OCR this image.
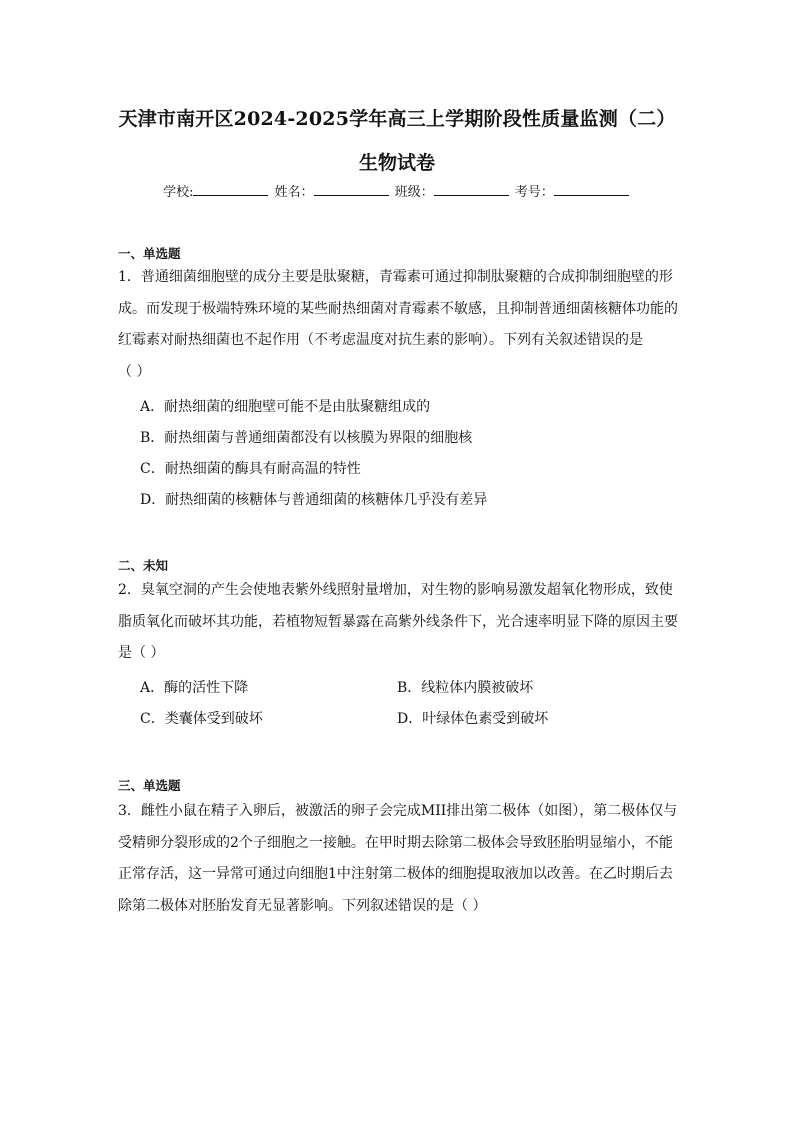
天津市南开区2024-2025学年高三上学期阶段性质量监测（二）
生物试卷
学校:	姓名：	班级：	考号：
一、单选题
1．普通细菌细胞壁的成分主要是肽聚糖，青霉素可通过抑制肽聚糖的合成抑制细胞壁的形
成。而发现于极端特殊环境的某些耐热细菌对青霉素不敏感，且抑制普通细菌核糖体功能的
红霉素对耐热细菌也不起作用（不考虑温度对抗生素的影响）。下列有关叙述错误的是
（ ）
A．耐热细菌的细胞壁可能不是由肽聚糖组成的
B．耐热细菌与普通细菌都没有以核膜为界限的细胞核
C．耐热细菌的酶具有耐高温的特性
D．耐热细菌的核糖体与普通细菌的核糖体几乎没有差异
二、未知
2．臭氧空洞的产生会使地表紫外线照射量增加，对生物的影响易激发超氧化物形成，致使
脂质氧化而破坏其功能，若植物短暂暴露在高紫外线条件下，光合速率明显下降的原因主要
是（ ）
A．酶的活性下降	B．线粒体内膜被破坏
C．类囊体受到破坏	D．叶绿体色素受到破坏
三、单选题
3．雌性小鼠在精子入卵后，被激活的卵子会完成MII排出第二极体（如图），第二极体仅与
受精卵分裂形成的2个子细胞之一接触。在甲时期去除第二极体会导致胚胎明显缩小，不能
正常存活，这一异常可通过向细胞1中注射第二极体的细胞提取液加以改善。在乙时期后去
除第二极体对胚胎发育无显著影响。下列叙述错误的是（ ）
